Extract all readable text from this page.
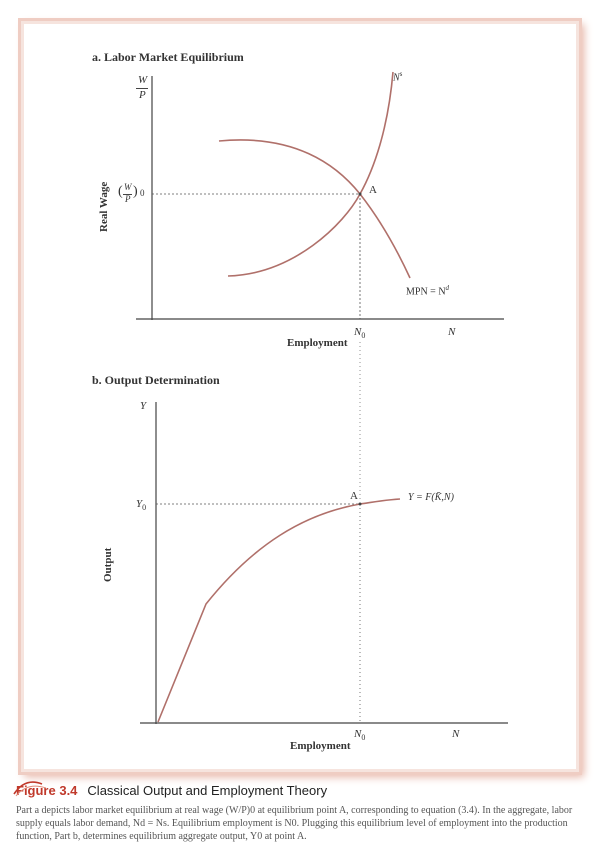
a. Labor Market Equilibrium
W
P
Real Wage ( W
P ) 0	A
$N^s$
MPN = $N^d$
$N_0$	N
Employment
b. Output Determination
Y
Output
$Y_0$
A	Y = F(K̄,N)
$N_0$	N
Employment
Figure 3.4 Classical Output and Employment Theory
Part a depicts labor market equilibrium at real wage (W/P)0 at equilibrium point A, corresponding to equation (3.4). In the aggregate, labor supply equals labor demand, Nd = Ns. Equilibrium employment is N0. Plugging this equilibrium level of employment into the production function, Part b, determines equilibrium aggregate output, Y0 at point A.
